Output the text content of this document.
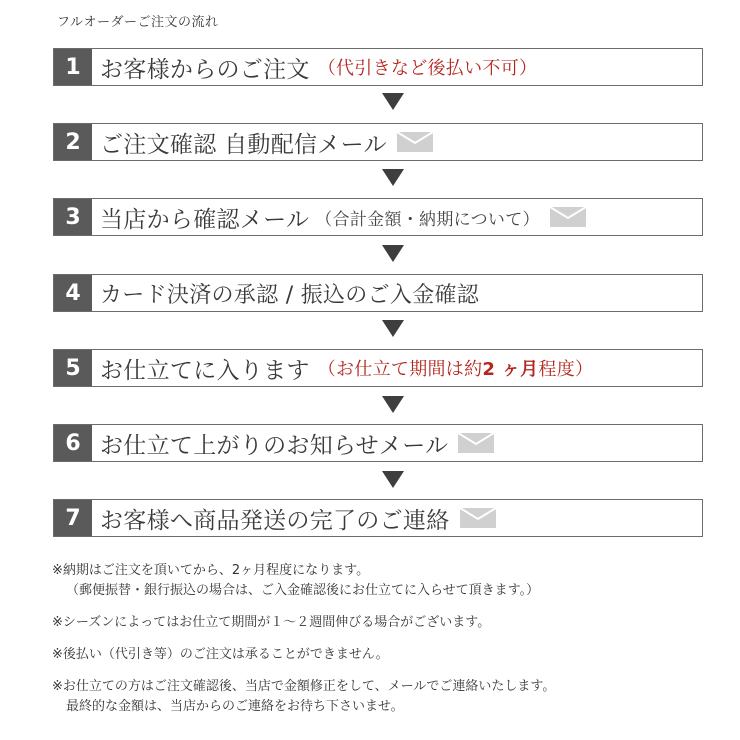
フルオーダーご注文の流れ
1 お客様からのご注文 （代引きなど後払い不可）
2 ご注文確認 自動配信メール
3 当店から確認メール （合計金額・納期について）
4 カード決済の承認 / 振込のご入金確認
5 お仕立てに入ります （お仕立て期間は約2 ヶ月程度）
6 お仕立て上がりのお知らせメール
7 お客様へ商品発送の完了のご連絡

※納期はご注文を頂いてから、2ヶ月程度になります。

（郵便振替・銀行振込の場合は、ご入金確認後にお仕立てに入らせて頂きます。）

※シーズンによってはお仕立て期間が１～２週間伸びる場合がございます。

※後払い（代引き等）のご注文は承ることができません。

※お仕立ての方はご注文確認後、当店で金額修正をして、メールでご連絡いたします。

最終的な金額は、当店からのご連絡をお待ち下さいませ。
